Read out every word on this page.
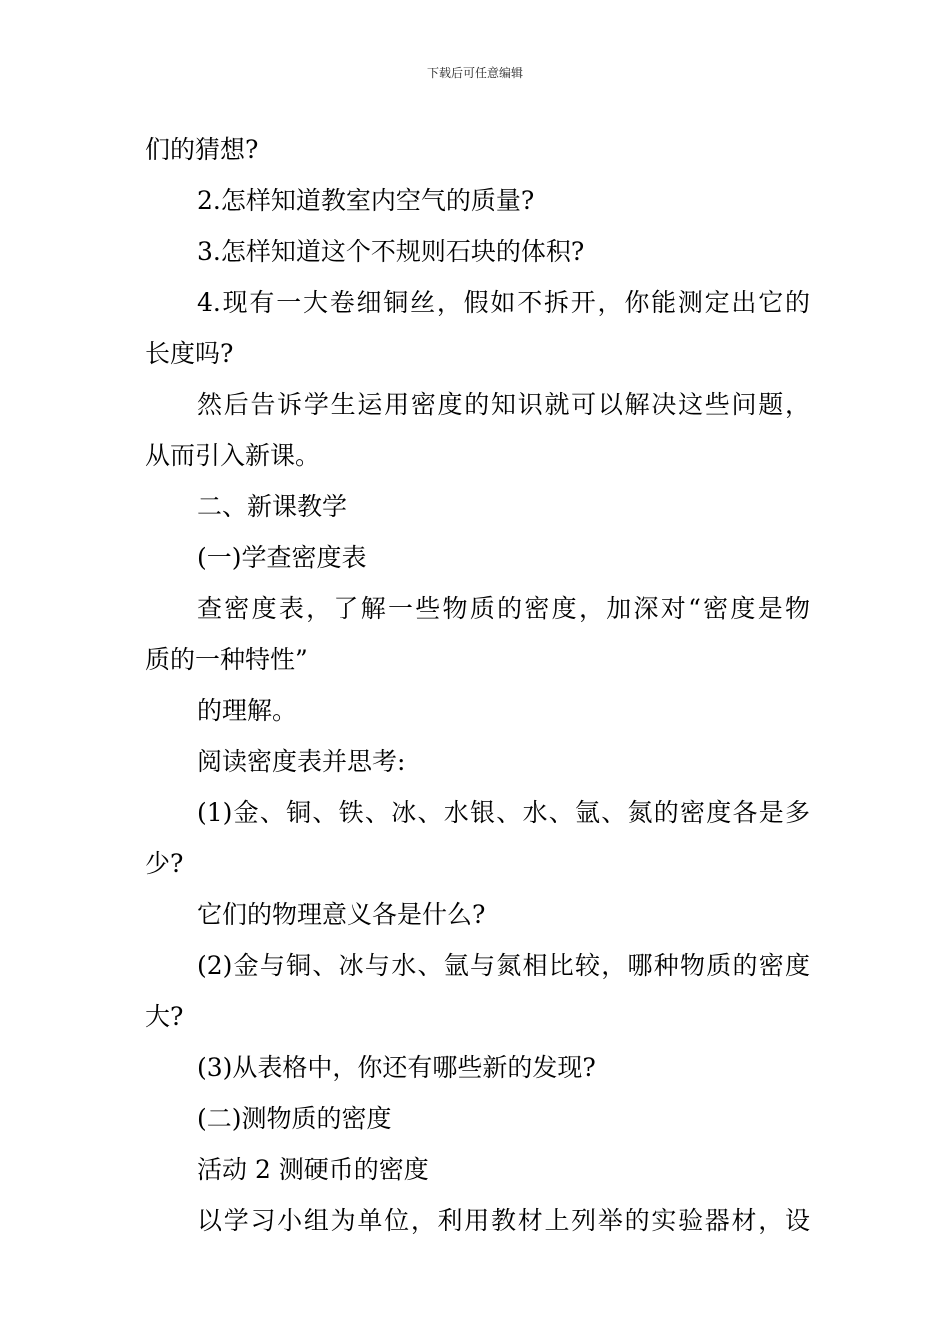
下载后可任意编辑
们的猜想?
2.怎样知道教室内空气的质量?
3.怎样知道这个不规则石块的体积?
4.现有一大卷细铜丝，假如不拆开，你能测定出它的
长度吗?
然后告诉学生运用密度的知识就可以解决这些问题，
从而引入新课。
二、新课教学
(一)学查密度表
查密度表，了解一些物质的密度，加深对“密度是物
质的一种特性”
的理解。
阅读密度表并思考:
(1)金、铜、铁、冰、水银、水、氩、氮的密度各是多
少?
它们的物理意义各是什么?
(2)金与铜、冰与水、氩与氮相比较，哪种物质的密度
大?
(3)从表格中，你还有哪些新的发现?
(二)测物质的密度
活动 2 测硬币的密度
以学习小组为单位，利用教材上列举的实验器材，设
